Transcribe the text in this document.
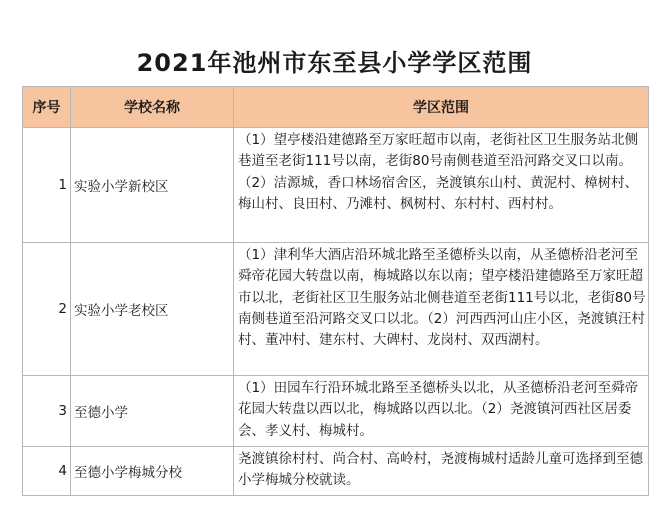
2021年池州市东至县小学学区范围
序号	学校名称	学区范围
1	实验小学新校区	（1）望亭楼沿建德路至万家旺超市以南，老街社区卫生服务站北侧巷道至老街111号以南，老街80号南侧巷道至沿河路交叉口以南。（2）洁源城，香口林场宿舍区，尧渡镇东山村、黄泥村、樟树村、梅山村、良田村、乃滩村、枫树村、东村村、西村村。
2	实验小学老校区	（1）津利华大酒店沿环城北路至圣德桥头以南，从圣德桥沿老河至舜帝花园大转盘以南，梅城路以东以南；望亭楼沿建德路至万家旺超市以北，老街社区卫生服务站北侧巷道至老街111号以北，老街80号南侧巷道至沿河路交叉口以北。（2）河西西河山庄小区，尧渡镇汪村村、董冲村、建东村、大碑村、龙岗村、双西湖村。
3	至德小学	（1）田园车行沿环城北路至圣德桥头以北，从圣德桥沿老河至舜帝花园大转盘以西以北，梅城路以西以北。（2）尧渡镇河西社区居委会、孝义村、梅城村。
4	至德小学梅城分校	尧渡镇徐村村、尚合村、高岭村，尧渡梅城村适龄儿童可选择到至德小学梅城分校就读。
